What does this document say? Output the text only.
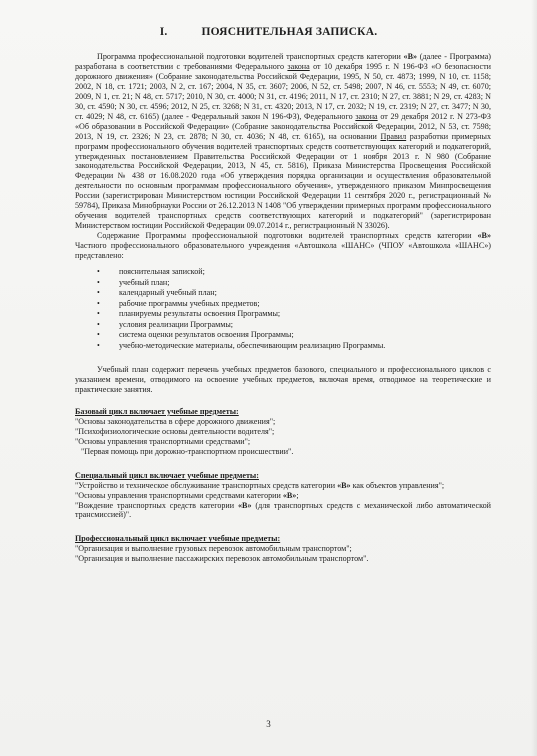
I.	ПОЯСНИТЕЛЬНАЯ ЗАПИСКА.

Программа профессиональной подготовки водителей транспортных средств категории «В» (далее - Программа) разработана в соответствии с требованиями Федерального закона от 10 декабря 1995 г. N 196-ФЗ «О безопасности дорожного движения» (Собрание законодательства Российской Федерации, 1995, N 50, ст. 4873; 1999, N 10, ст. 1158; 2002, N 18, ст. 1721; 2003, N 2, ст. 167; 2004, N 35, ст. 3607; 2006, N 52, ст. 5498; 2007, N 46, ст. 5553; N 49, ст. 6070; 2009, N 1, ст. 21; N 48, ст. 5717; 2010, N 30, ст. 4000; N 31, ст. 4196; 2011, N 17, ст. 2310; N 27, ст. 3881; N 29, ст. 4283; N 30, ст. 4590; N 30, ст. 4596; 2012, N 25, ст. 3268; N 31, ст. 4320; 2013, N 17, ст. 2032; N 19, ст. 2319; N 27, ст. 3477; N 30, ст. 4029; N 48, ст. 6165) (далее - Федеральный закон N 196-ФЗ), Федерального закона от 29 декабря 2012 г. N 273-ФЗ «Об образовании в Российской Федерации» (Собрание законодательства Российской Федерации, 2012, N 53, ст. 7598; 2013, N 19, ст. 2326; N 23, ст. 2878; N 30, ст. 4036; N 48, ст. 6165), на основании Правил разработки примерных программ профессионального обучения водителей транспортных средств соответствующих категорий и подкатегорий, утвержденных постановлением Правительства Российской Федерации от 1 ноября 2013 г. N 980 (Собрание законодательства Российской Федерации, 2013, N 45, ст. 5816), Приказа Министерства Просвещения Российской Федерации № 438 от 16.08.2020 года «Об утверждения порядка организации и осуществления образовательной деятельности по основным программам профессионального обучения», утвержденного приказом Минпросвещения России (зарегистрирован Министерством юстиции Российской Федерации 11 сентября 2020 г., регистрационный № 59784), Приказа Минобрнауки России от 26.12.2013 N 1408 "Об утверждении примерных программ профессионального обучения водителей транспортных средств соответствующих категорий и подкатегорий" (зарегистрирован Министерством юстиции Российской Федерации 09.07.2014 г., регистрационный N 33026).

Содержание Программы профессиональной подготовки водителей транспортных средств категории «В» Частного профессионального образовательного учреждения «Автошкола «ШАНС» (ЧПОУ «Автошкола «ШАНС») представлено:

• пояснительная запиской;
• учебный план;
• календарный учебный план;
• рабочие программы учебных предметов;
• планируемы результаты освоения Программы;
• условия реализации Программы;
• система оценки результатов освоения Программы;
• учебно-методические материалы, обеспечивающим реализацию Программы.

Учебный план содержит перечень учебных предметов базового, специального и профессионального циклов с указанием времени, отводимого на освоение учебных предметов, включая время, отводимое на теоретические и практические занятия.

Базовый цикл включает учебные предметы:

"Основы законодательства в сфере дорожного движения";

"Психофизиологические основы деятельности водителя";

"Основы управления транспортными средствами";

"Первая помощь при дорожно-транспортном происшествии".

Специальный цикл включает учебные предметы:

"Устройство и техническое обслуживание транспортных средств категории «В» как объектов управления";

"Основы управления транспортными средствами категории «В»;

"Вождение транспортных средств категории «В» (для транспортных средств с механической либо автоматической трансмиссией)".

Профессиональный цикл включает учебные предметы:

"Организация и выполнение грузовых перевозок автомобильным транспортом";

"Организация и выполнение пассажирских перевозок автомобильным транспортом".

3
